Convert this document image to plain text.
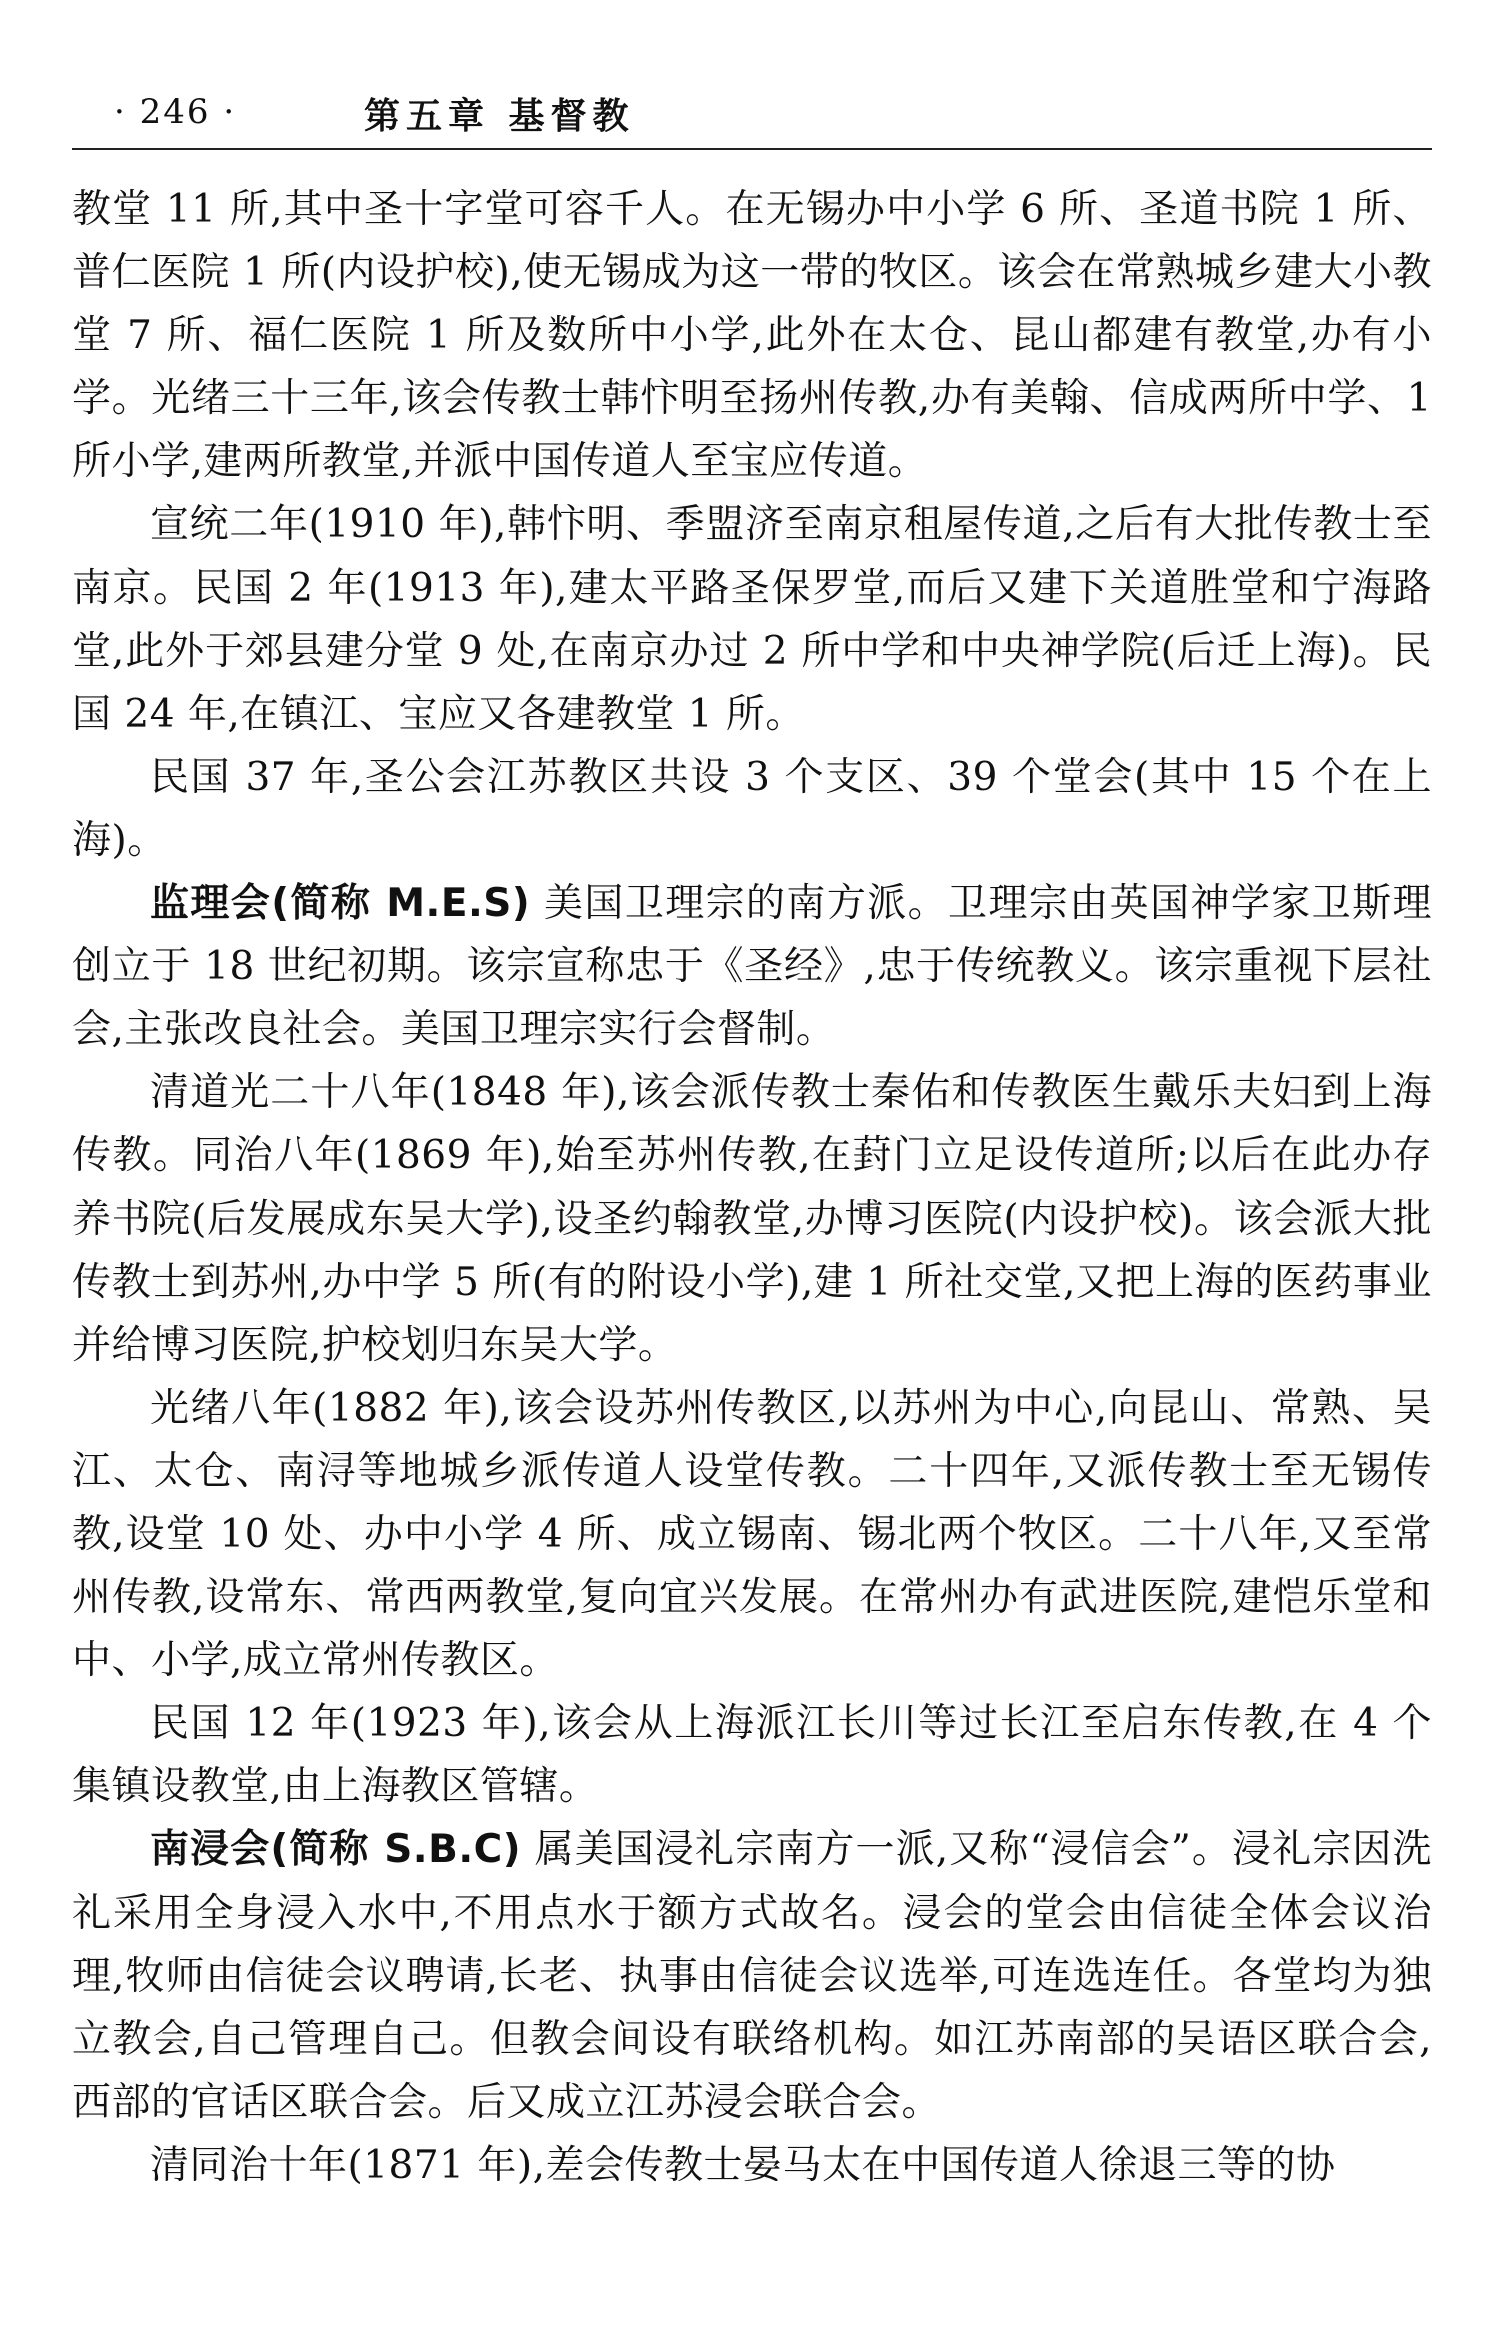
· 246 ·	第五章 基督教

教堂 11 所,其中圣十字堂可容千人。在无锡办中小学 6 所、圣道书院 1 所、普仁医院 1 所(内设护校),使无锡成为这一带的牧区。该会在常熟城乡建大小教堂 7 所、福仁医院 1 所及数所中小学,此外在太仓、昆山都建有教堂,办有小学。光绪三十三年,该会传教士韩忭明至扬州传教,办有美翰、信成两所中学、1 所小学,建两所教堂,并派中国传道人至宝应传道。

宣统二年(1910 年),韩忭明、季盟济至南京租屋传道,之后有大批传教士至南京。民国 2 年(1913 年),建太平路圣保罗堂,而后又建下关道胜堂和宁海路堂,此外于郊县建分堂 9 处,在南京办过 2 所中学和中央神学院(后迁上海)。民国 24 年,在镇江、宝应又各建教堂 1 所。

民国 37 年,圣公会江苏教区共设 3 个支区、39 个堂会(其中 15 个在上海)。

监理会(简称 M.E.S) 美国卫理宗的南方派。卫理宗由英国神学家卫斯理创立于 18 世纪初期。该宗宣称忠于《圣经》,忠于传统教义。该宗重视下层社会,主张改良社会。美国卫理宗实行会督制。

清道光二十八年(1848 年),该会派传教士秦佑和传教医生戴乐夫妇到上海传教。同治八年(1869 年),始至苏州传教,在葑门立足设传道所;以后在此办存养书院(后发展成东吴大学),设圣约翰教堂,办博习医院(内设护校)。该会派大批传教士到苏州,办中学 5 所(有的附设小学),建 1 所社交堂,又把上海的医药事业并给博习医院,护校划归东吴大学。

光绪八年(1882 年),该会设苏州传教区,以苏州为中心,向昆山、常熟、吴江、太仓、南浔等地城乡派传道人设堂传教。二十四年,又派传教士至无锡传教,设堂 10 处、办中小学 4 所、成立锡南、锡北两个牧区。二十八年,又至常州传教,设常东、常西两教堂,复向宜兴发展。在常州办有武进医院,建恺乐堂和中、小学,成立常州传教区。

民国 12 年(1923 年),该会从上海派江长川等过长江至启东传教,在 4 个集镇设教堂,由上海教区管辖。

南浸会(简称 S.B.C) 属美国浸礼宗南方一派,又称“浸信会”。浸礼宗因洗礼采用全身浸入水中,不用点水于额方式故名。浸会的堂会由信徒全体会议治理,牧师由信徒会议聘请,长老、执事由信徒会议选举,可连选连任。各堂均为独立教会,自己管理自己。但教会间设有联络机构。如江苏南部的吴语区联合会,西部的官话区联合会。后又成立江苏浸会联合会。

清同治十年(1871 年),差会传教士晏马太在中国传道人徐退三等的协
